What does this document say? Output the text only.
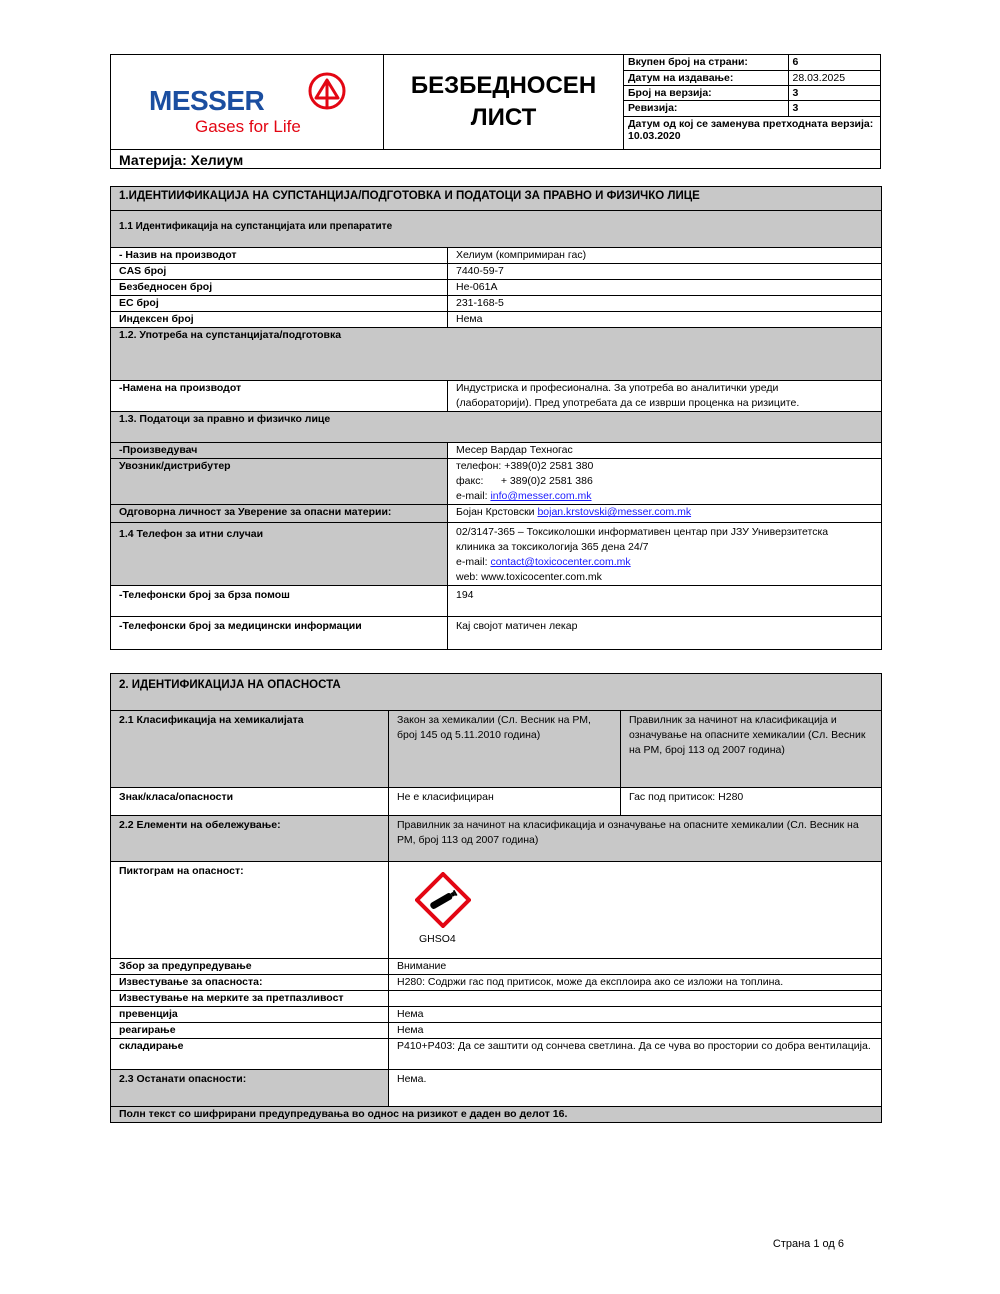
MESSER
Gases for Life
БЕЗБЕДНОСЕН
ЛИСТ
Вкупен број на страни:	6
Датум на издавање:	28.03.2025
Број на верзија:	3
Ревизија:	3
Датум од кој се заменува претходната верзија: 10.03.2020	
Материја: Хелиум
1.ИДЕНТИИФИКАЦИЈА НА СУПСТАНЦИЈА/ПОДГОТОВКА И ПОДАТОЦИ ЗА ПРАВНО И ФИЗИЧКО ЛИЦЕ	
1.1 Идентификација на супстанцијата или препаратите	
- Назив на производот	Хелиум (компримиран гас)
CAS број	7440-59-7
Безбедносен број	He-061A
EC број	231-168-5
Индексен број	Нема
1.2. Употреба на супстанцијата/подготовка	
-Намена на производот	Индустриска и професионална. За употреба во аналитички уреди
(лабораторији). Пред употребата да се изврши проценка на ризиците.

1.3. Податоци за правно и физичко лице	
-Произведувач	Месер Вардар Техногас
Увозник/дистрибутер	телефон: +389(0)2 2581 380
факс:      + 389(0)2 2581 386
e-mail: info@messer.com.mk

Одговорна личност за Уверение за опасни материи:	Бојан Крстовски bojan.krstovski@messer.com.mk
1.4 Телефон за итни случаи	02/3147-365 – Токсиколошки информативен центар при ЈЗУ Универзитетска
клиника за токсикологија 365 дена 24/7
e-mail: contact@toxicocenter.com.mk
web: www.toxicocenter.com.mk

-Телефонски број за брза помош	194
-Телефонски број за медицински информации	Кај својот матичен лекар
2. ИДЕНТИФИКАЦИЈА НА ОПАСНОСТА		
2.1 Класификација на хемикалијата	Закон за хемикалии (Сл. Весник на РМ, број 145 од 5.11.2010 година)	Правилник за начинот на класификација и означување на опасните хемикалии (Сл. Весник на РМ, број 113 од 2007 година)
Знак/класа/опасности	Не е класифициран	Гас под притисок: H280
2.2 Елементи на обележување:	Правилник за начинот на класификација и означување на опасните хемикалии (Сл. Весник на РМ, број 113 од 2007 година)	
Пиктограм на опасност:	GHSO4	

Збор за предупредување	Внимание	
Известување за опасноста:	H280: Содржи гас под притисок, може да експлоира ако се изложи на топлина.	
Известување на мерките за претпазливост		
превенција	Нема	
реагирање	Нема	
складирање	P410+P403: Да се заштити од сончева светлина. Да се чува во простории со добра вентилација.	
2.3 Останати опасности:	Нема.	
Полн текст со шифрирани предупредувања во однос на ризикот е даден во делот 16.		
Страна 1 од 6
